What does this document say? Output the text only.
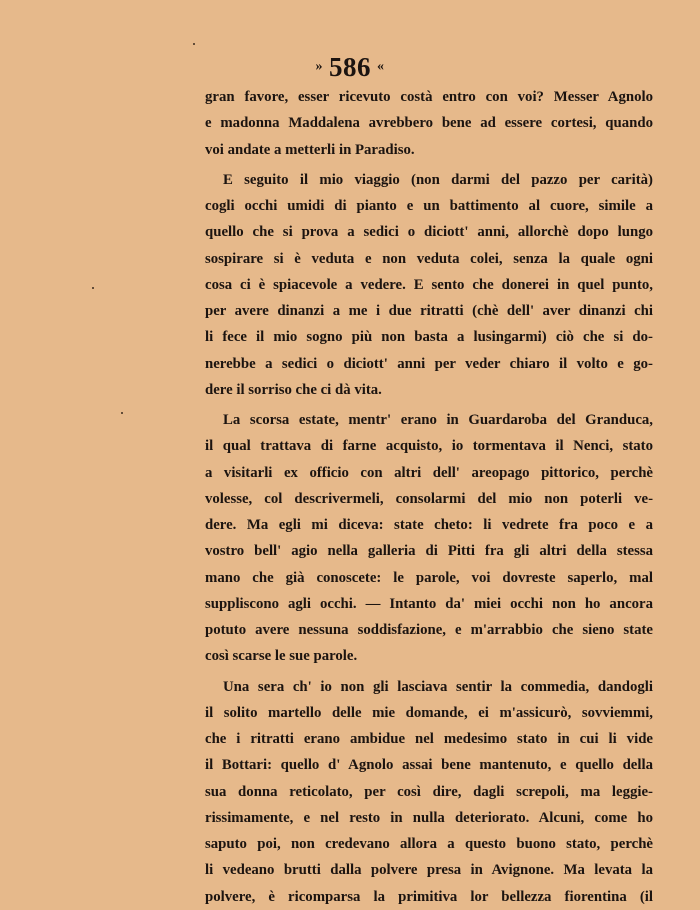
» 586 «
gran favore, esser ricevuto costà entro con voi? Messer Agnolo
e madonna Maddalena avrebbero bene ad essere cortesi, quando
voi andate a metterli in Paradiso.
E seguito il mio viaggio (non darmi del pazzo per carità)
cogli occhi umidi di pianto e un battimento al cuore, simile a
quello che si prova a sedici o diciott' anni, allorchè dopo lungo
sospirare si è veduta e non veduta colei, senza la quale ogni
cosa ci è spiacevole a vedere. E sento che donerei in quel punto,
per avere dinanzi a me i due ritratti (chè dell' aver dinanzi chi
li fece il mio sogno più non basta a lusingarmi) ciò che si do-
nerebbe a sedici o diciott' anni per veder chiaro il volto e go-
dere il sorriso che ci dà vita.
La scorsa estate, mentr' erano in Guardaroba del Granduca,
il qual trattava di farne acquisto, io tormentava il Nenci, stato
a visitarli ex officio con altri dell' areopago pittorico, perchè
volesse, col descrivermeli, consolarmi del mio non poterli ve-
dere. Ma egli mi diceva: state cheto: li vedrete fra poco e a
vostro bell' agio nella galleria di Pitti fra gli altri della stessa
mano che già conoscete: le parole, voi dovreste saperlo, mal
suppliscono agli occhi. — Intanto da' miei occhi non ho ancora
potuto avere nessuna soddisfazione, e m'arrabbio che sieno state
così scarse le sue parole.
Una sera ch' io non gli lasciava sentir la commedia, dandogli
il solito martello delle mie domande, ei m'assicurò, sovviemmi,
che i ritratti erano ambidue nel medesimo stato in cui li vide
il Bottari: quello d' Agnolo assai bene mantenuto, e quello della
sua donna reticolato, per così dire, dagli screpoli, ma leggie-
rissimamente, e nel resto in nulla deteriorato. Alcuni, come ho
saputo poi, non credevano allora a questo buono stato, perchè
li vedeano brutti dalla polvere presa in Avignone. Ma levata la
polvere, è ricomparsa la primitiva lor bellezza fiorentina (il
